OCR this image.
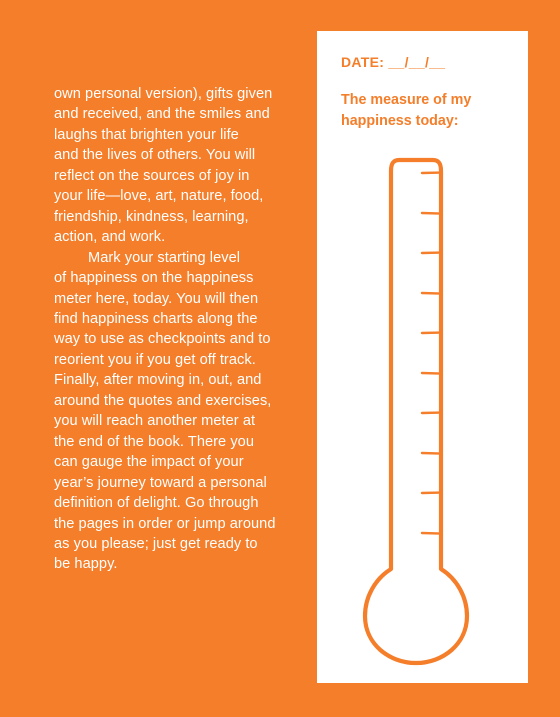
own personal version), gifts given
and received, and the smiles and
laughs that brighten your life
and the lives of others. You will
reflect on the sources of joy in
your life—love, art, nature, food,
friendship, kindness, learning,
action, and work.
Mark your starting level
of happiness on the happiness
meter here, today. You will then
find happiness charts along the
way to use as checkpoints and to
reorient you if you get off track.
Finally, after moving in, out, and
around the quotes and exercises,
you will reach another meter at
the end of the book. There you
can gauge the impact of your
year’s journey toward a personal
definition of delight. Go through
the pages in order or jump around
as you please; just get ready to
be happy.
DATE: __/__/__
The measure of my
happiness today:
